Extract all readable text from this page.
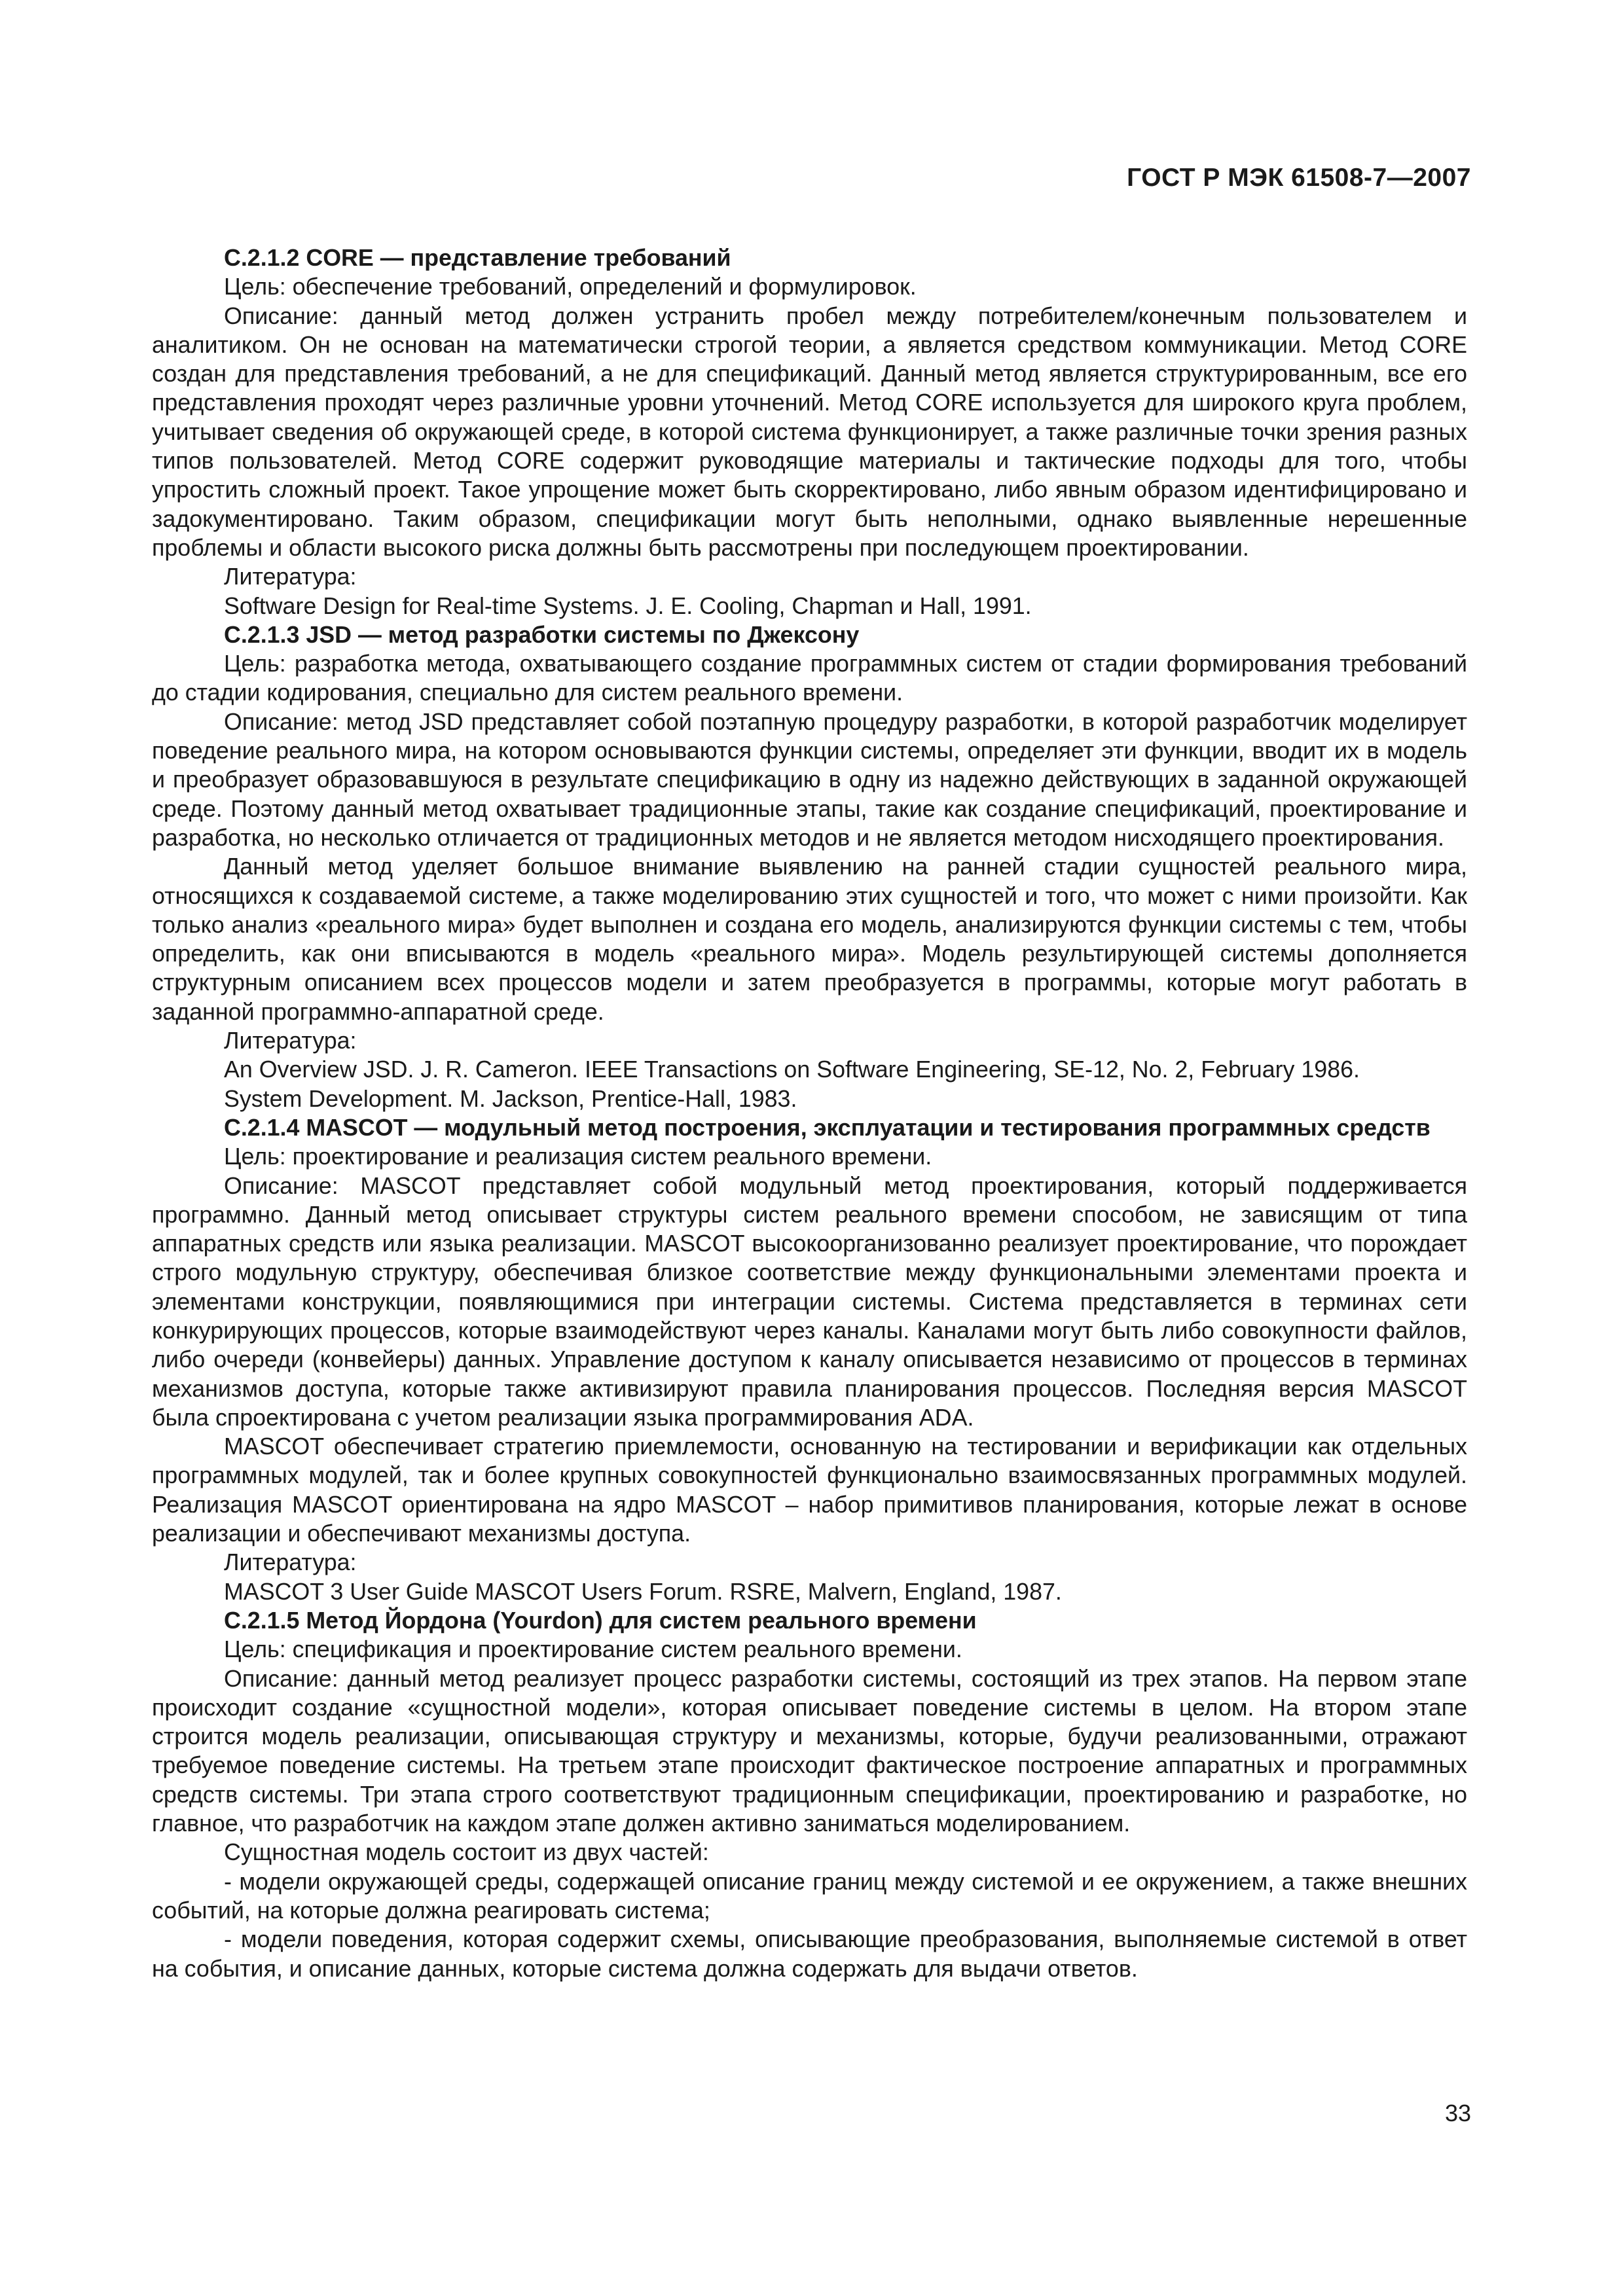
ГОСТ Р МЭК 61508-7—2007

C.2.1.2 CORE — представление требований

Цель: обеспечение требований, определений и формулировок.

Описание: данный метод должен устранить пробел между потребителем/конечным пользователем и аналитиком. Он не основан на математически строгой теории, а является средством коммуникации. Метод CORE создан для представления требований, а не для спецификаций. Данный метод является структурированным, все его представления проходят через различные уровни уточнений. Метод CORE используется для широкого круга проблем, учитывает сведения об окружающей среде, в которой система функционирует, а также различные точки зрения разных типов пользователей. Метод CORE содержит руководящие материалы и тактические подходы для того, чтобы упростить сложный проект. Такое упрощение может быть скорректировано, либо явным образом идентифицировано и задокументировано. Таким образом, спецификации могут быть неполными, однако выявленные нерешенные проблемы и области высокого риска должны быть рассмотрены при последующем проектировании.

Литература:

Software Design for Real-time Systems. J. E. Cooling, Chapman и Hall, 1991.

C.2.1.3 JSD — метод разработки системы по Джексону

Цель: разработка метода, охватывающего создание программных систем от стадии формирования требований до стадии кодирования, специально для систем реального времени.

Описание: метод JSD представляет собой поэтапную процедуру разработки, в которой разработчик моделирует поведение реального мира, на котором основываются функции системы, определяет эти функции, вводит их в модель и преобразует образовавшуюся в результате спецификацию в одну из надежно действующих в заданной окружающей среде. Поэтому данный метод охватывает традиционные этапы, такие как создание спецификаций, проектирование и разработка, но несколько отличается от традиционных методов и не является методом нисходящего проектирования.

Данный метод уделяет большое внимание выявлению на ранней стадии сущностей реального мира, относящихся к создаваемой системе, а также моделированию этих сущностей и того, что может с ними произойти. Как только анализ «реального мира» будет выполнен и создана его модель, анализируются функции системы с тем, чтобы определить, как они вписываются в модель «реального мира». Модель результирующей системы дополняется структурным описанием всех процессов модели и затем преобразуется в программы, которые могут работать в заданной программно-аппаратной среде.

Литература:

An Overview JSD. J. R. Cameron. IEEE Transactions on Software Engineering, SE-12, No. 2, February 1986.

System Development. M. Jackson, Prentice-Hall, 1983.

C.2.1.4 MASCOT — модульный метод построения, эксплуатации и тестирования программных средств

Цель: проектирование и реализация систем реального времени.

Описание: MASCOT представляет собой модульный метод проектирования, который поддерживается программно. Данный метод описывает структуры систем реального времени способом, не зависящим от типа аппаратных средств или языка реализации. MASCOT высокоорганизованно реализует проектирование, что порождает строго модульную структуру, обеспечивая близкое соответствие между функциональными элементами проекта и элементами конструкции, появляющимися при интеграции системы. Система представляется в терминах сети конкурирующих процессов, которые взаимодействуют через каналы. Каналами могут быть либо совокупности файлов, либо очереди (конвейеры) данных. Управление доступом к каналу описывается независимо от процессов в терминах механизмов доступа, которые также активизируют правила планирования процессов. Последняя версия MASCOT была спроектирована с учетом реализации языка программирования ADA.

MASCOT обеспечивает стратегию приемлемости, основанную на тестировании и верификации как отдельных программных модулей, так и более крупных совокупностей функционально взаимосвязанных программных модулей. Реализация MASCOT ориентирована на ядро MASCOT – набор примитивов планирования, которые лежат в основе реализации и обеспечивают механизмы доступа.

Литература:

MASCOT 3 User Guide MASCOT Users Forum. RSRE, Malvern, England, 1987.

C.2.1.5 Метод Йордона (Yourdon) для систем реального времени

Цель: спецификация и проектирование систем реального времени.

Описание: данный метод реализует процесс разработки системы, состоящий из трех этапов. На первом этапе происходит создание «сущностной модели», которая описывает поведение системы в целом. На втором этапе строится модель реализации, описывающая структуру и механизмы, которые, будучи реализованными, отражают требуемое поведение системы. На третьем этапе происходит фактическое построение аппаратных и программных средств системы. Три этапа строго соответствуют традиционным спецификации, проектированию и разработке, но главное, что разработчик на каждом этапе должен активно заниматься моделированием.

Сущностная модель состоит из двух частей:

- модели окружающей среды, содержащей описание границ между системой и ее окружением, а также внешних событий, на которые должна реагировать система;

- модели поведения, которая содержит схемы, описывающие преобразования, выполняемые системой в ответ на события, и описание данных, которые система должна содержать для выдачи ответов.

33
